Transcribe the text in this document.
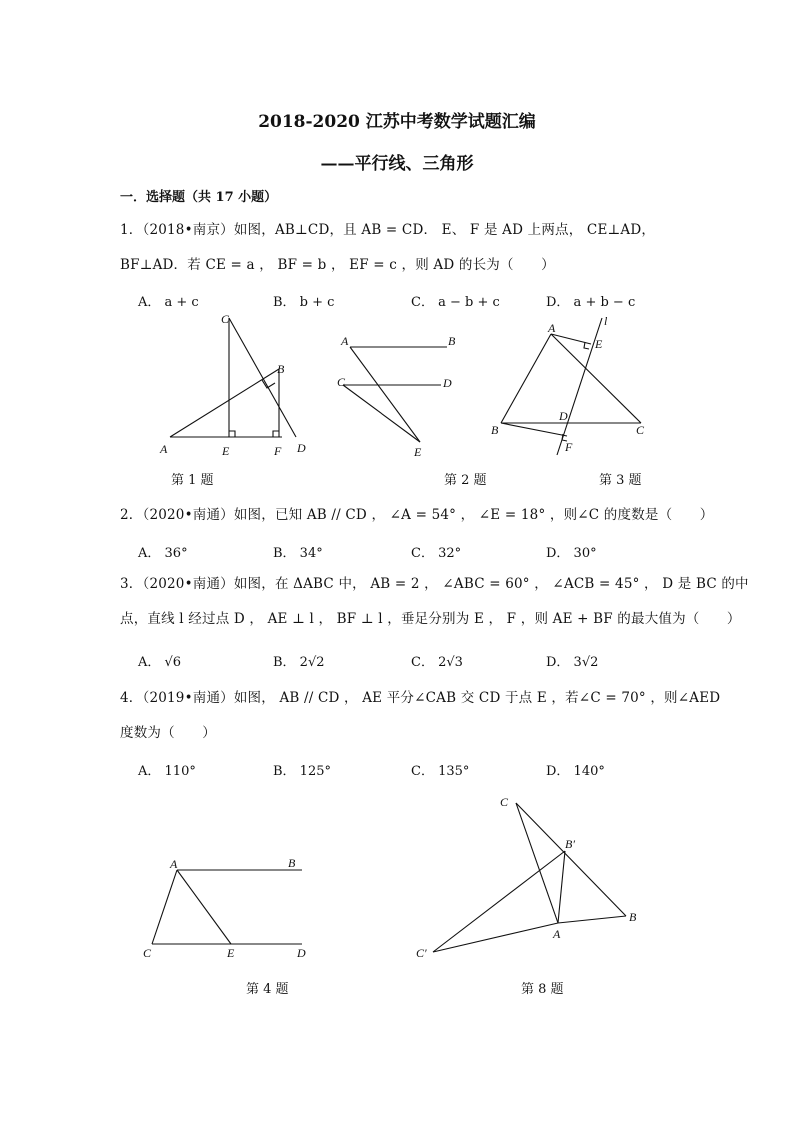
2018-2020 江苏中考数学试题汇编
——平行线、三角形
一．选择题（共 17 小题）
1．（2018•南京）如图，AB⊥CD，且 AB = CD． E、 F 是 AD 上两点， CE⊥AD，
BF⊥AD．若 CE = a ， BF = b ， EF = c ，则 AD 的长为（　　）
A． a + c	B． b + c	C． a − b + c	D． a + b − c
C
B
A	E	F D
第 1 题
A	B
C	D
E
第 2 题
A	l
E
D
B	C
F
第 3 题
2．（2020•南通）如图，已知 AB // CD ， ∠A = 54° ， ∠E = 18° ，则∠C 的度数是（　　）
A． 36°	B． 34°	C． 32°	D． 30°
3．（2020•南通）如图，在 ΔABC 中， AB = 2 ， ∠ABC = 60° ， ∠ACB = 45° ， D 是 BC 的中
点，直线 l 经过点 D ， AE ⊥ l ， BF ⊥ l ，垂足分别为 E ， F ，则 AE + BF 的最大值为（　　）
A． √6	B． 2√2	C． 2√3	D． 3√2
4．（2019•南通）如图， AB // CD ， AE 平分∠CAB 交 CD 于点 E ，若∠C = 70° ，则∠AED
度数为（　　）
A． 110°	B． 125°	C． 135°	D． 140°
A	B
C	E	D
第 4 题
C
B′
B
A
C′
第 8 题
